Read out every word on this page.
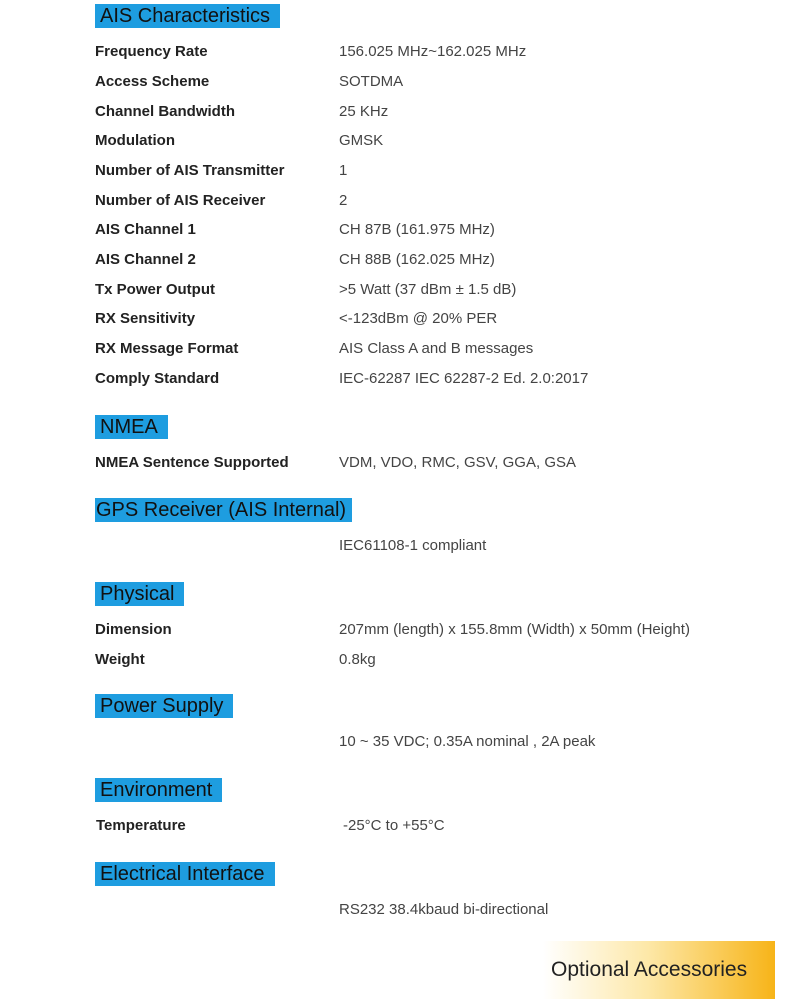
AIS Characteristics
Frequency Rate	156.025 MHz~162.025 MHz
Access Scheme	SOTDMA
Channel Bandwidth	25 KHz
Modulation	GMSK
Number of AIS Transmitter	1
Number of AIS Receiver	2
AIS Channel 1	CH 87B (161.975 MHz)
AIS Channel 2	CH 88B (162.025 MHz)
Tx Power Output	>5 Watt (37 dBm ± 1.5 dB)
RX Sensitivity	<-123dBm @ 20% PER
RX Message Format	AIS Class A and B messages
Comply Standard	IEC-62287 IEC 62287-2 Ed. 2.0:2017
NMEA
NMEA Sentence Supported	VDM, VDO, RMC, GSV, GGA, GSA
GPS Receiver (AIS Internal)
IEC61108-1 compliant
Physical
Dimension	207mm (length) x 155.8mm (Width) x 50mm (Height)
Weight	0.8kg
Power Supply
10 ~ 35 VDC; 0.35A nominal , 2A peak
Environment
Temperature	-25°C to +55°C
Electrical Interface
RS232 38.4kbaud bi-directional
Optional Accessories
